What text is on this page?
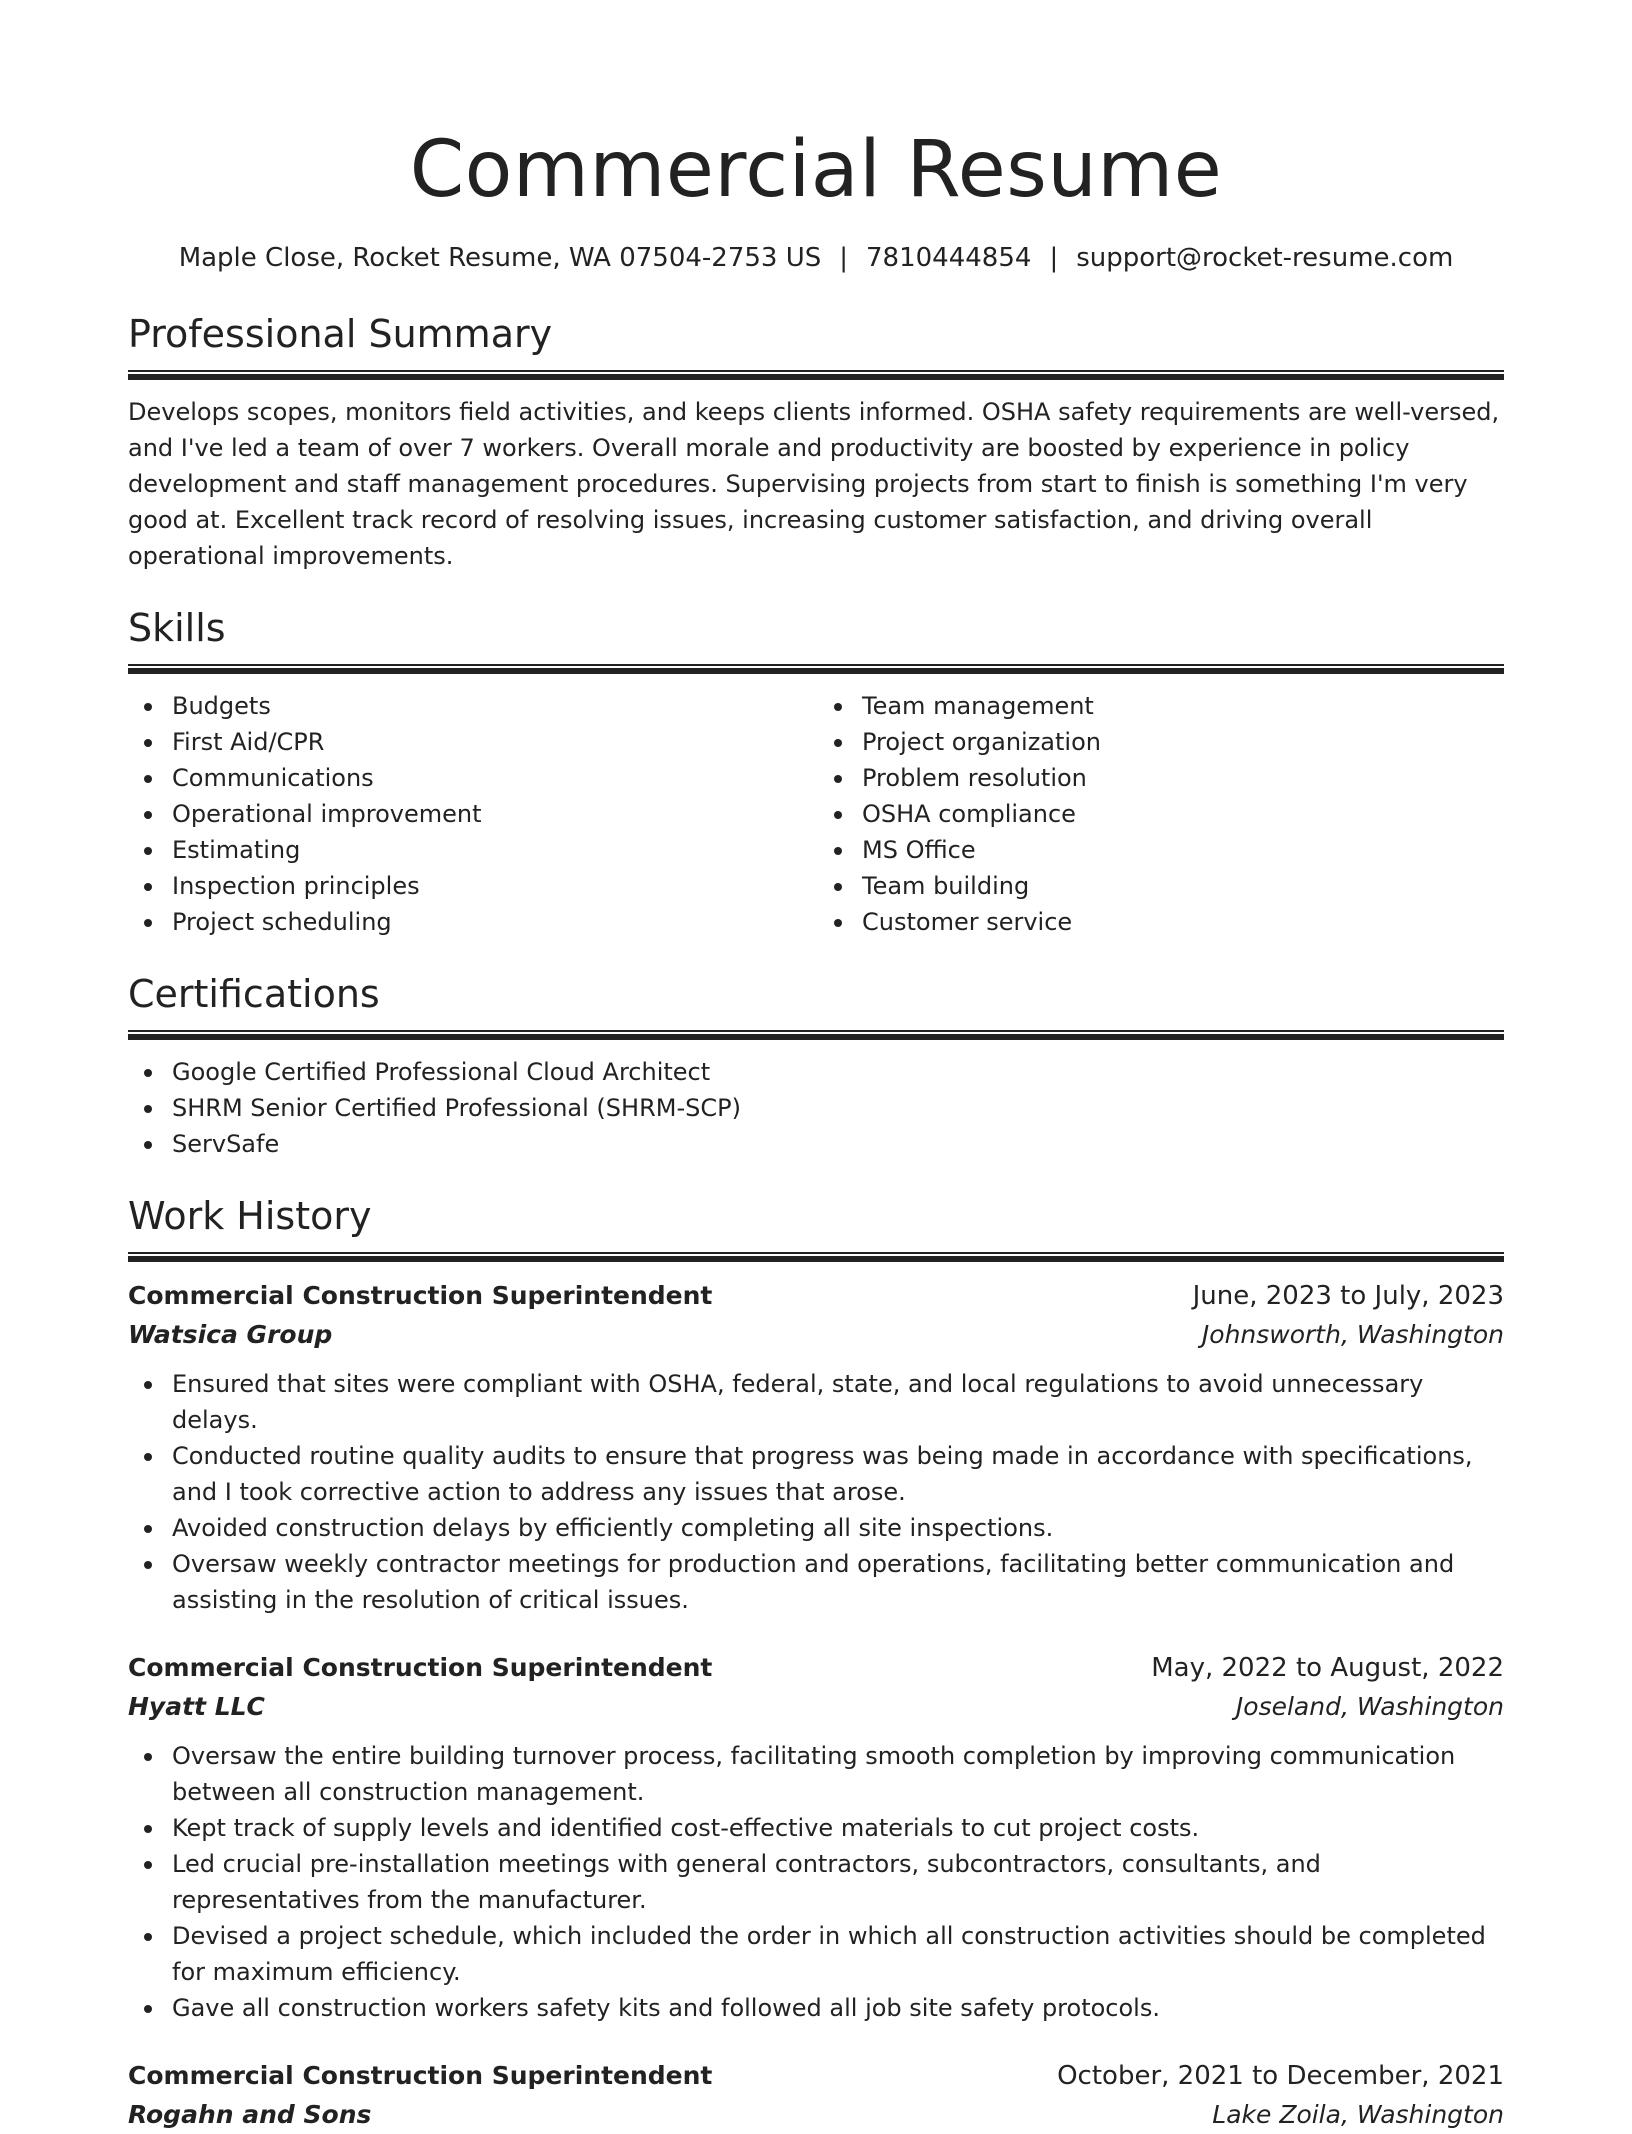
Commercial Resume
Maple Close, Rocket Resume, WA 07504-2753 US | 7810444854 | support@rocket-resume.com
Professional Summary

Develops scopes, monitors field activities, and keeps clients informed. OSHA safety requirements are well-versed, and I've led a team of over 7 workers. Overall morale and productivity are boosted by experience in policy development and staff management procedures. Supervising projects from start to finish is something I'm very good at. Excellent track record of resolving issues, increasing customer satisfaction, and driving overall operational improvements.

Skills
Budgets
First Aid/CPR
Communications
Operational improvement
Estimating
Inspection principles
Project scheduling
Team management
Project organization
Problem resolution
OSHA compliance
MS Office
Team building
Customer service
Certifications
Google Certified Professional Cloud Architect
SHRM Senior Certified Professional (SHRM-SCP)
ServSafe
Work History
Commercial Construction Superintendent	June, 2023 to July, 2023
Watsica Group	Johnsworth, Washington
Ensured that sites were compliant with OSHA, federal, state, and local regulations to avoid unnecessary delays.
Conducted routine quality audits to ensure that progress was being made in accordance with specifications, and I took corrective action to address any issues that arose.
Avoided construction delays by efficiently completing all site inspections.
Oversaw weekly contractor meetings for production and operations, facilitating better communication and assisting in the resolution of critical issues.
Commercial Construction Superintendent	May, 2022 to August, 2022
Hyatt LLC	Joseland, Washington
Oversaw the entire building turnover process, facilitating smooth completion by improving communication between all construction management.
Kept track of supply levels and identified cost-effective materials to cut project costs.
Led crucial pre-installation meetings with general contractors, subcontractors, consultants, and representatives from the manufacturer.
Devised a project schedule, which included the order in which all construction activities should be completed for maximum efficiency.
Gave all construction workers safety kits and followed all job site safety protocols.
Commercial Construction Superintendent	October, 2021 to December, 2021
Rogahn and Sons	Lake Zoila, Washington
